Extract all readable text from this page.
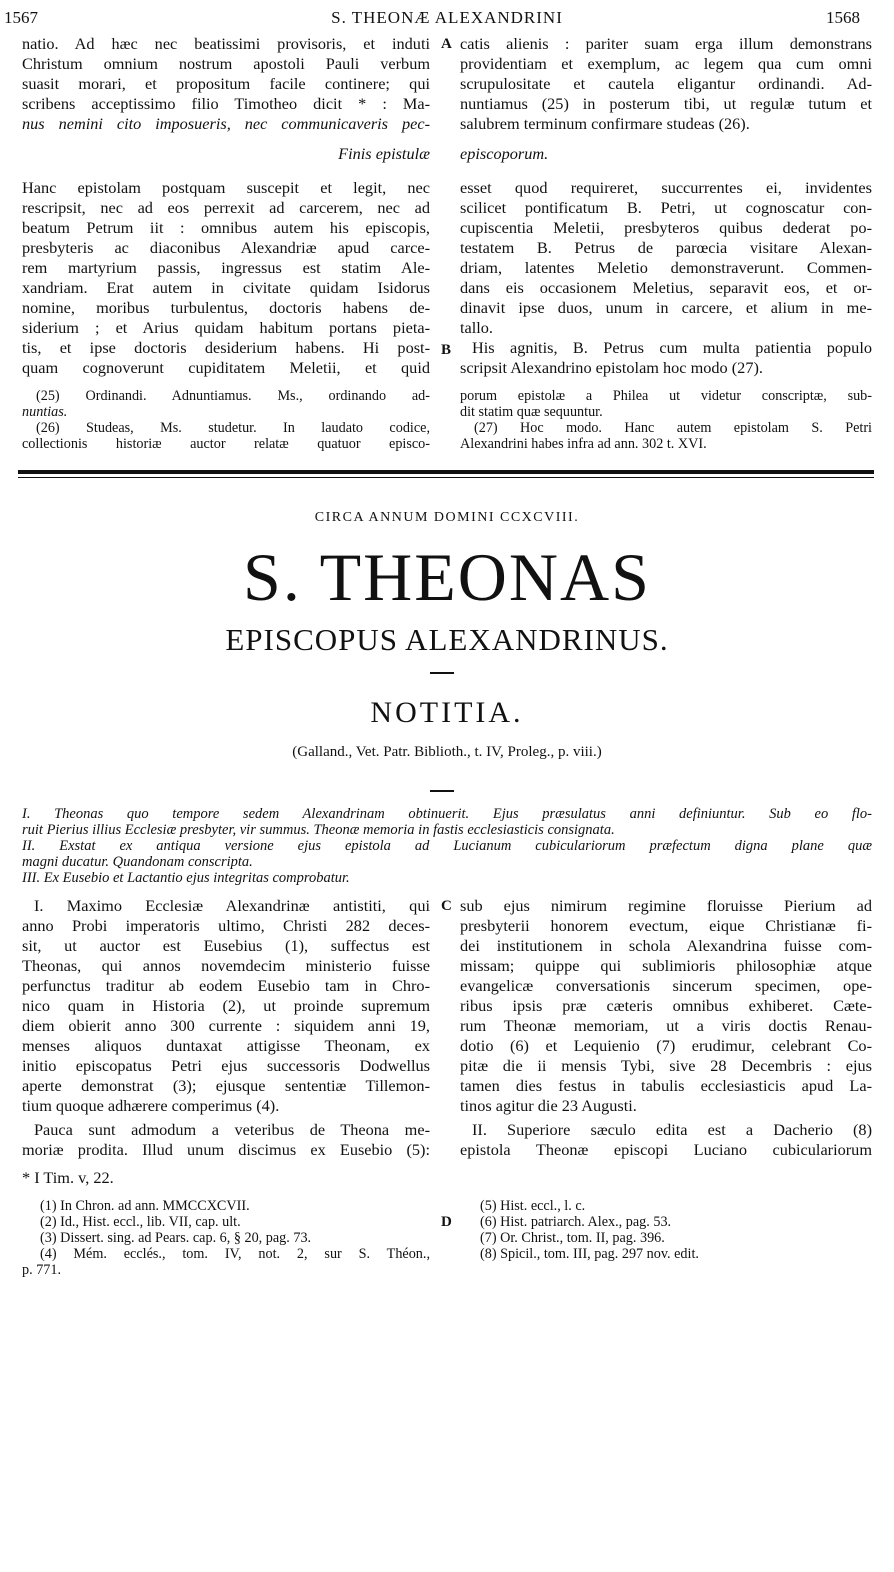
1567	S. THEONÆ ALEXANDRINI	1568
natio. Ad hæc nec beatissimi provisoris, et induti
Christum omnium nostrum apostoli Pauli verbum
suasit morari, et propositum facile continere; qui
scribens acceptissimo filio Timotheo dicit * : Ma-
nus nemini cito imposueris, nec communicaveris pec-
catis alienis : pariter suam erga illum demonstrans
providentiam et exemplum, ac legem qua cum omni
scrupulositate et cautela eligantur ordinandi. Ad-
nuntiamus (25) in posterum tibi, ut regulæ tutum et
salubrem terminum confirmare studeas (26).
A
Finis epistulæ episcoporum.
Hanc epistolam postquam suscepit et legit, nec
rescripsit, nec ad eos perrexit ad carcerem, nec ad
beatum Petrum iit : omnibus autem his episcopis,
presbyteris ac diaconibus Alexandriæ apud carce-
rem martyrium passis, ingressus est statim Ale-
xandriam. Erat autem in civitate quidam Isidorus
nomine, moribus turbulentus, doctoris habens de-
siderium ; et Arius quidam habitum portans pieta-
tis, et ipse doctoris desiderium habens. Hi post-
quam cognoverunt cupiditatem Meletii, et quid
esset quod requireret, succurrentes ei, invidentes
scilicet pontificatum B. Petri, ut cognoscatur con-
cupiscentia Meletii, presbyteros quibus dederat po-
testatem B. Petrus de parœcia visitare Alexan-
driam, latentes Meletio demonstraverunt. Commen-
dans eis occasionem Meletius, separavit eos, et or-
dinavit ipse duos, unum in carcere, et alium in me-
tallo.
His agnitis, B. Petrus cum multa patientia populo
scripsit Alexandrino epistolam hoc modo (27).
B
(25) Ordinandi. Adnuntiamus. Ms., ordinando ad-
nuntias.
(26) Studeas, Ms. studetur. In laudato codice,
collectionis historiæ auctor relatæ quatuor episco-
porum epistolæ a Philea ut videtur conscriptæ, sub-
dit statim quæ sequuntur.
(27) Hoc modo. Hanc autem epistolam S. Petri
Alexandrini habes infra ad ann. 302 t. XVI.
CIRCA ANNUM DOMINI CCXCVIII.
S. THEONAS
EPISCOPUS ALEXANDRINUS.
NOTITIA.
(Galland., Vet. Patr. Biblioth., t. IV, Proleg., p. viii.)
I. Theonas quo tempore sedem Alexandrinam obtinuerit. Ejus præsulatus anni definiuntur. Sub eo flo-
ruit Pierius illius Ecclesiæ presbyter, vir summus. Theonæ memoria in fastis ecclesiasticis consignata.
II. Exstat ex antiqua versione ejus epistola ad Lucianum cubiculariorum præfectum digna plane quæ
magni ducatur. Quandonam conscripta.
III. Ex Eusebio et Lactantio ejus integritas comprobatur.
I. Maximo Ecclesiæ Alexandrinæ antistiti, qui
anno Probi imperatoris ultimo, Christi 282 deces-
sit, ut auctor est Eusebius (1), suffectus est
Theonas, qui annos novemdecim ministerio fuisse
perfunctus traditur ab eodem Eusebio tam in Chro-
nico quam in Historia (2), ut proinde supremum
diem obierit anno 300 currente : siquidem anni 19,
menses aliquos duntaxat attigisse Theonam, ex
initio episcopatus Petri ejus successoris Dodwellus
aperte demonstrat (3); ejusque sententiæ Tillemon-
tium quoque adhærere comperimus (4).
Pauca sunt admodum a veteribus de Theona me-
moriæ prodita. Illud unum discimus ex Eusebio (5):
sub ejus nimirum regimine floruisse Pierium ad
presbyterii honorem evectum, eique Christianæ fi-
dei institutionem in schola Alexandrina fuisse com-
missam; quippe qui sublimioris philosophiæ atque
evangelicæ conversationis sincerum specimen, ope-
ribus ipsis præ cæteris omnibus exhiberet. Cæte-
rum Theonæ memoriam, ut a viris doctis Renau-
dotio (6) et Lequienio (7) erudimur, celebrant Co-
pitæ die ii mensis Tybi, sive 28 Decembris : ejus
tamen dies festus in tabulis ecclesiasticis apud La-
tinos agitur die 23 Augusti.
II. Superiore sæculo edita est a Dacherio (8)
epistola Theonæ episcopi Luciano cubiculariorum
C
* I Tim. v, 22.
(1) In Chron. ad ann. MMCCXCVII.
(2) Id., Hist. eccl., lib. VII, cap. ult.
(3) Dissert. sing. ad Pears. cap. 6, § 20, pag. 73.
(4) Mém. ecclés., tom. IV, not. 2, sur S. Théon.,
p. 771.
D
(5) Hist. eccl., l. c.
(6) Hist. patriarch. Alex., pag. 53.
(7) Or. Christ., tom. II, pag. 396.
(8) Spicil., tom. III, pag. 297 nov. edit.
